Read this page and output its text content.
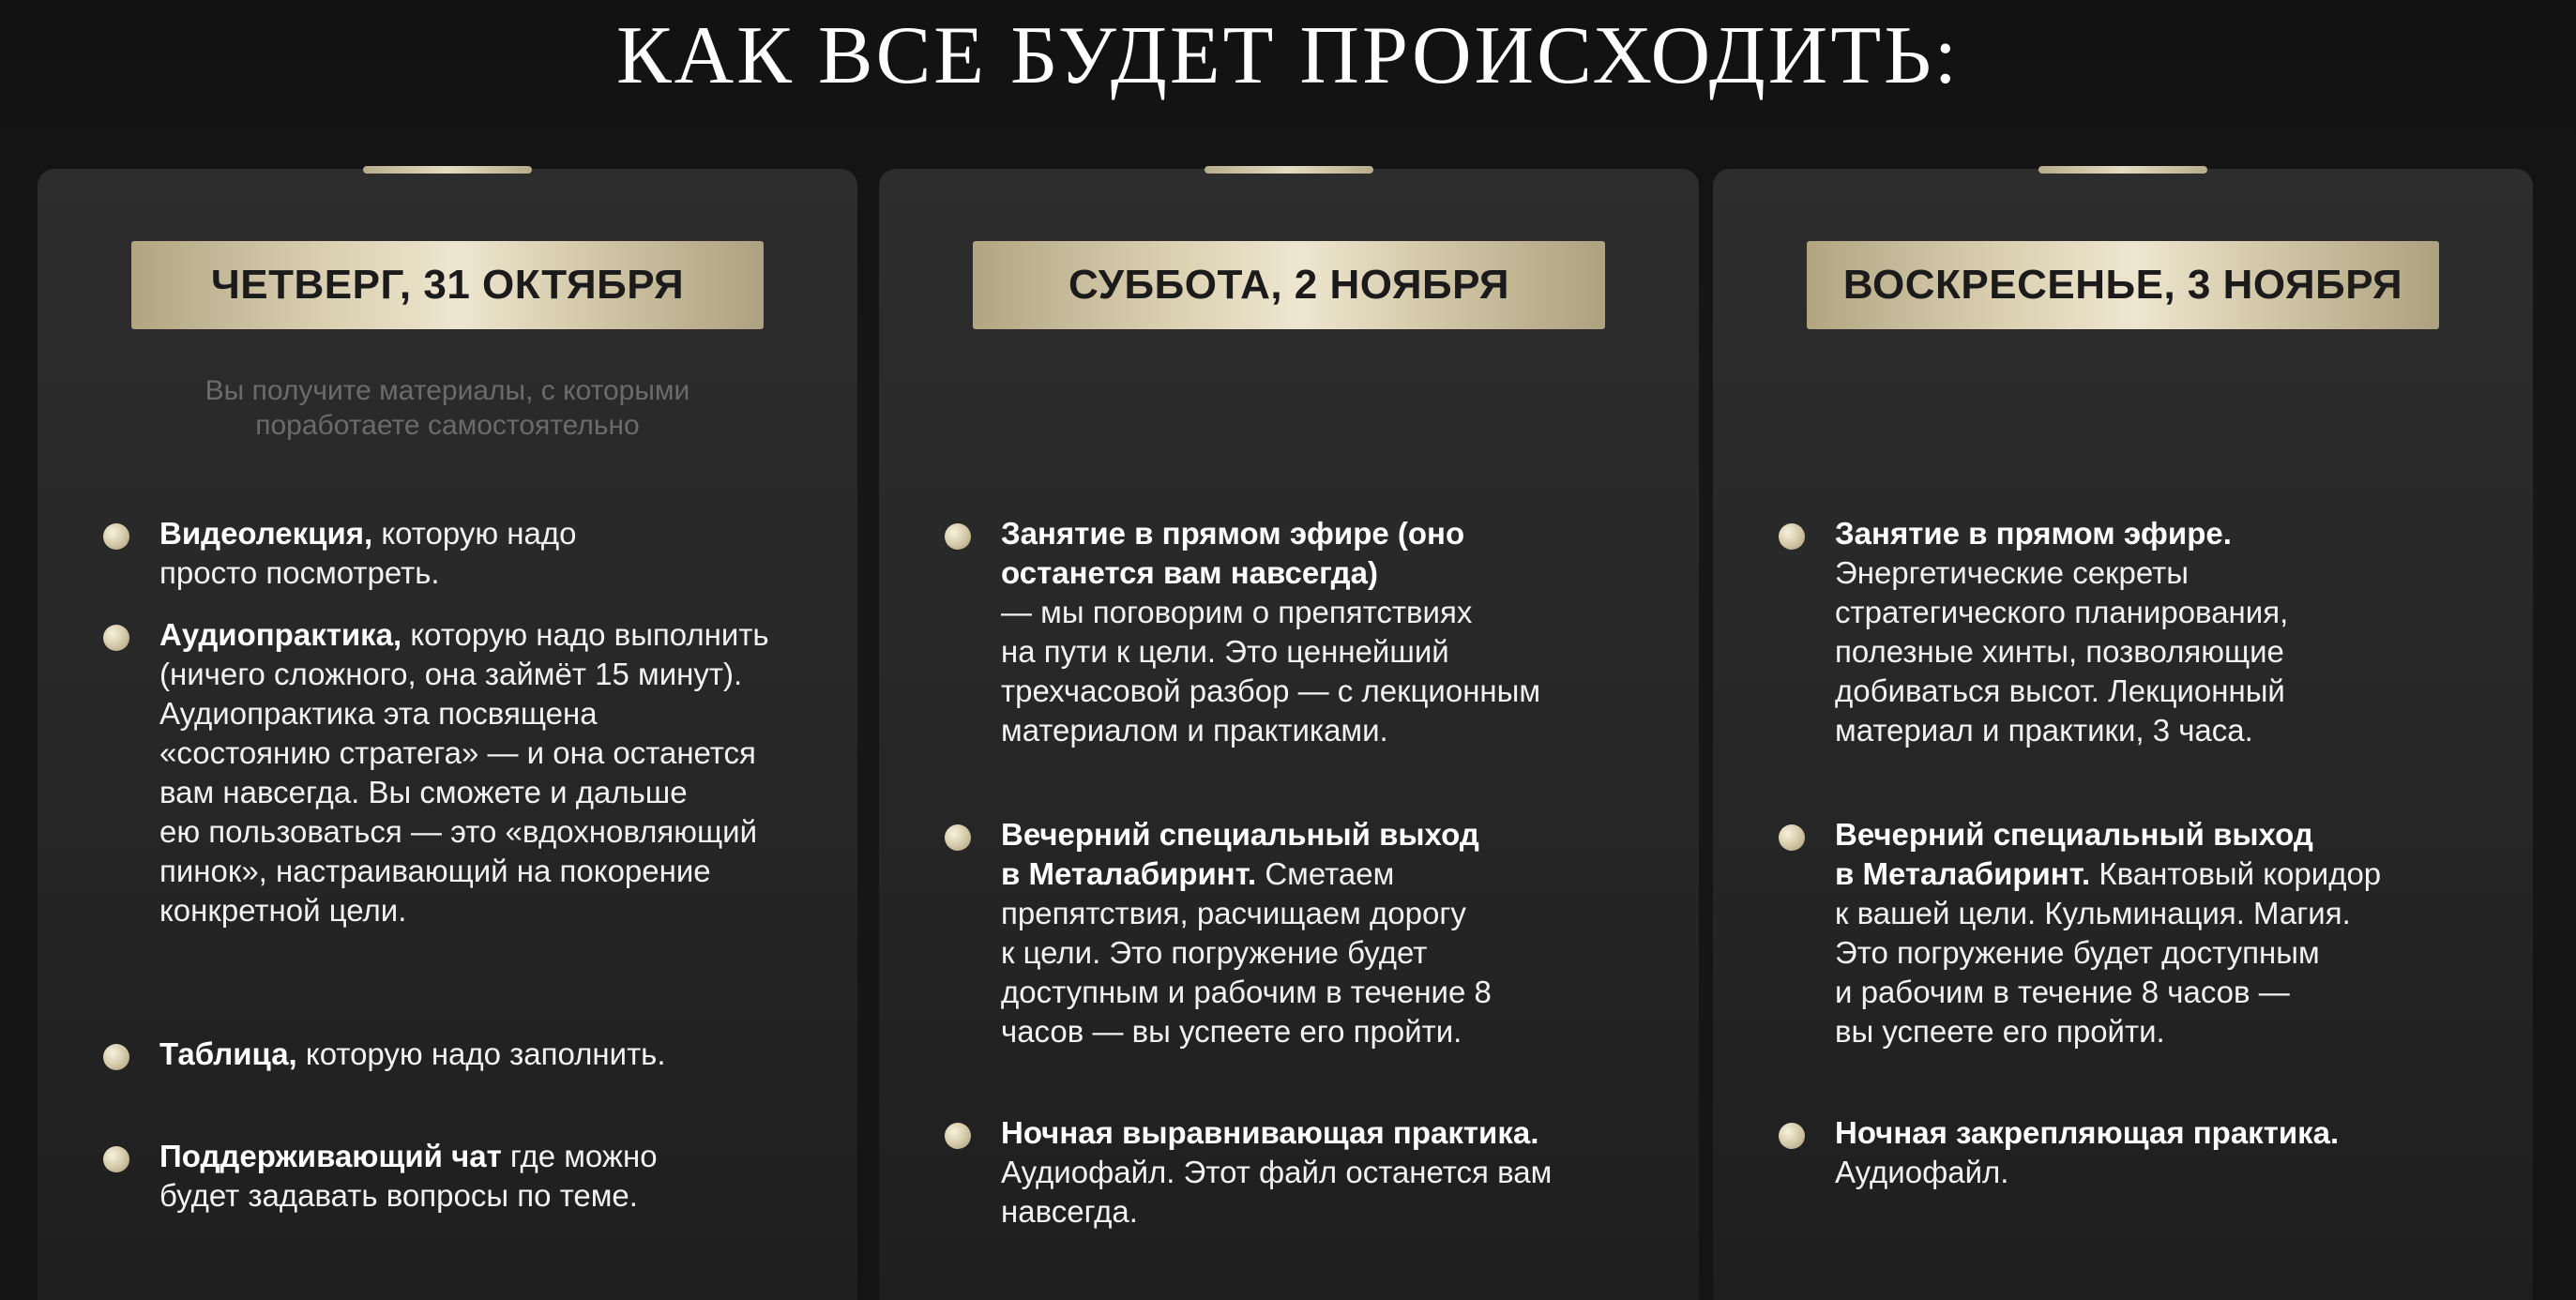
КАК ВСЕ БУДЕТ ПРОИСХОДИТЬ:
ЧЕТВЕРГ, 31 ОКТЯБРЯ
Вы получите материалы, с которыми
поработаете самостоятельно
Видеолекция, которую надо
просто посмотреть.
Аудиопрактика, которую надо выполнить
(ничего сложного, она займёт 15 минут).
Аудиопрактика эта посвящена
«состоянию стратега» — и она останется
вам навсегда. Вы сможете и дальше
ею пользоваться — это «вдохновляющий
пинок», настраивающий на покорение
конкретной цели.
Таблица, которую надо заполнить.
Поддерживающий чат где можно
будет задавать вопросы по теме.
СУББОТА, 2 НОЯБРЯ
Занятие в прямом эфире (оно
останется вам навсегда)
— мы поговорим о препятствиях
на пути к цели. Это ценнейший
трехчасовой разбор — с лекционным
материалом и практиками.
Вечерний специальный выход
в Металабиринт. Сметаем
препятствия, расчищаем дорогу
к цели. Это погружение будет
доступным и рабочим в течение 8
часов — вы успеете его пройти.
Ночная выравнивающая практика.
Аудиофайл. Этот файл останется вам
навсегда.
ВОСКРЕСЕНЬЕ, 3 НОЯБРЯ
Занятие в прямом эфире.
Энергетические секреты
стратегического планирования,
полезные хинты, позволяющие
добиваться высот. Лекционный
материал и практики, 3 часа.
Вечерний специальный выход
в Металабиринт. Квантовый коридор
к вашей цели. Кульминация. Магия.
Это погружение будет доступным
и рабочим в течение 8 часов —
вы успеете его пройти.
Ночная закрепляющая практика.
Аудиофайл.
